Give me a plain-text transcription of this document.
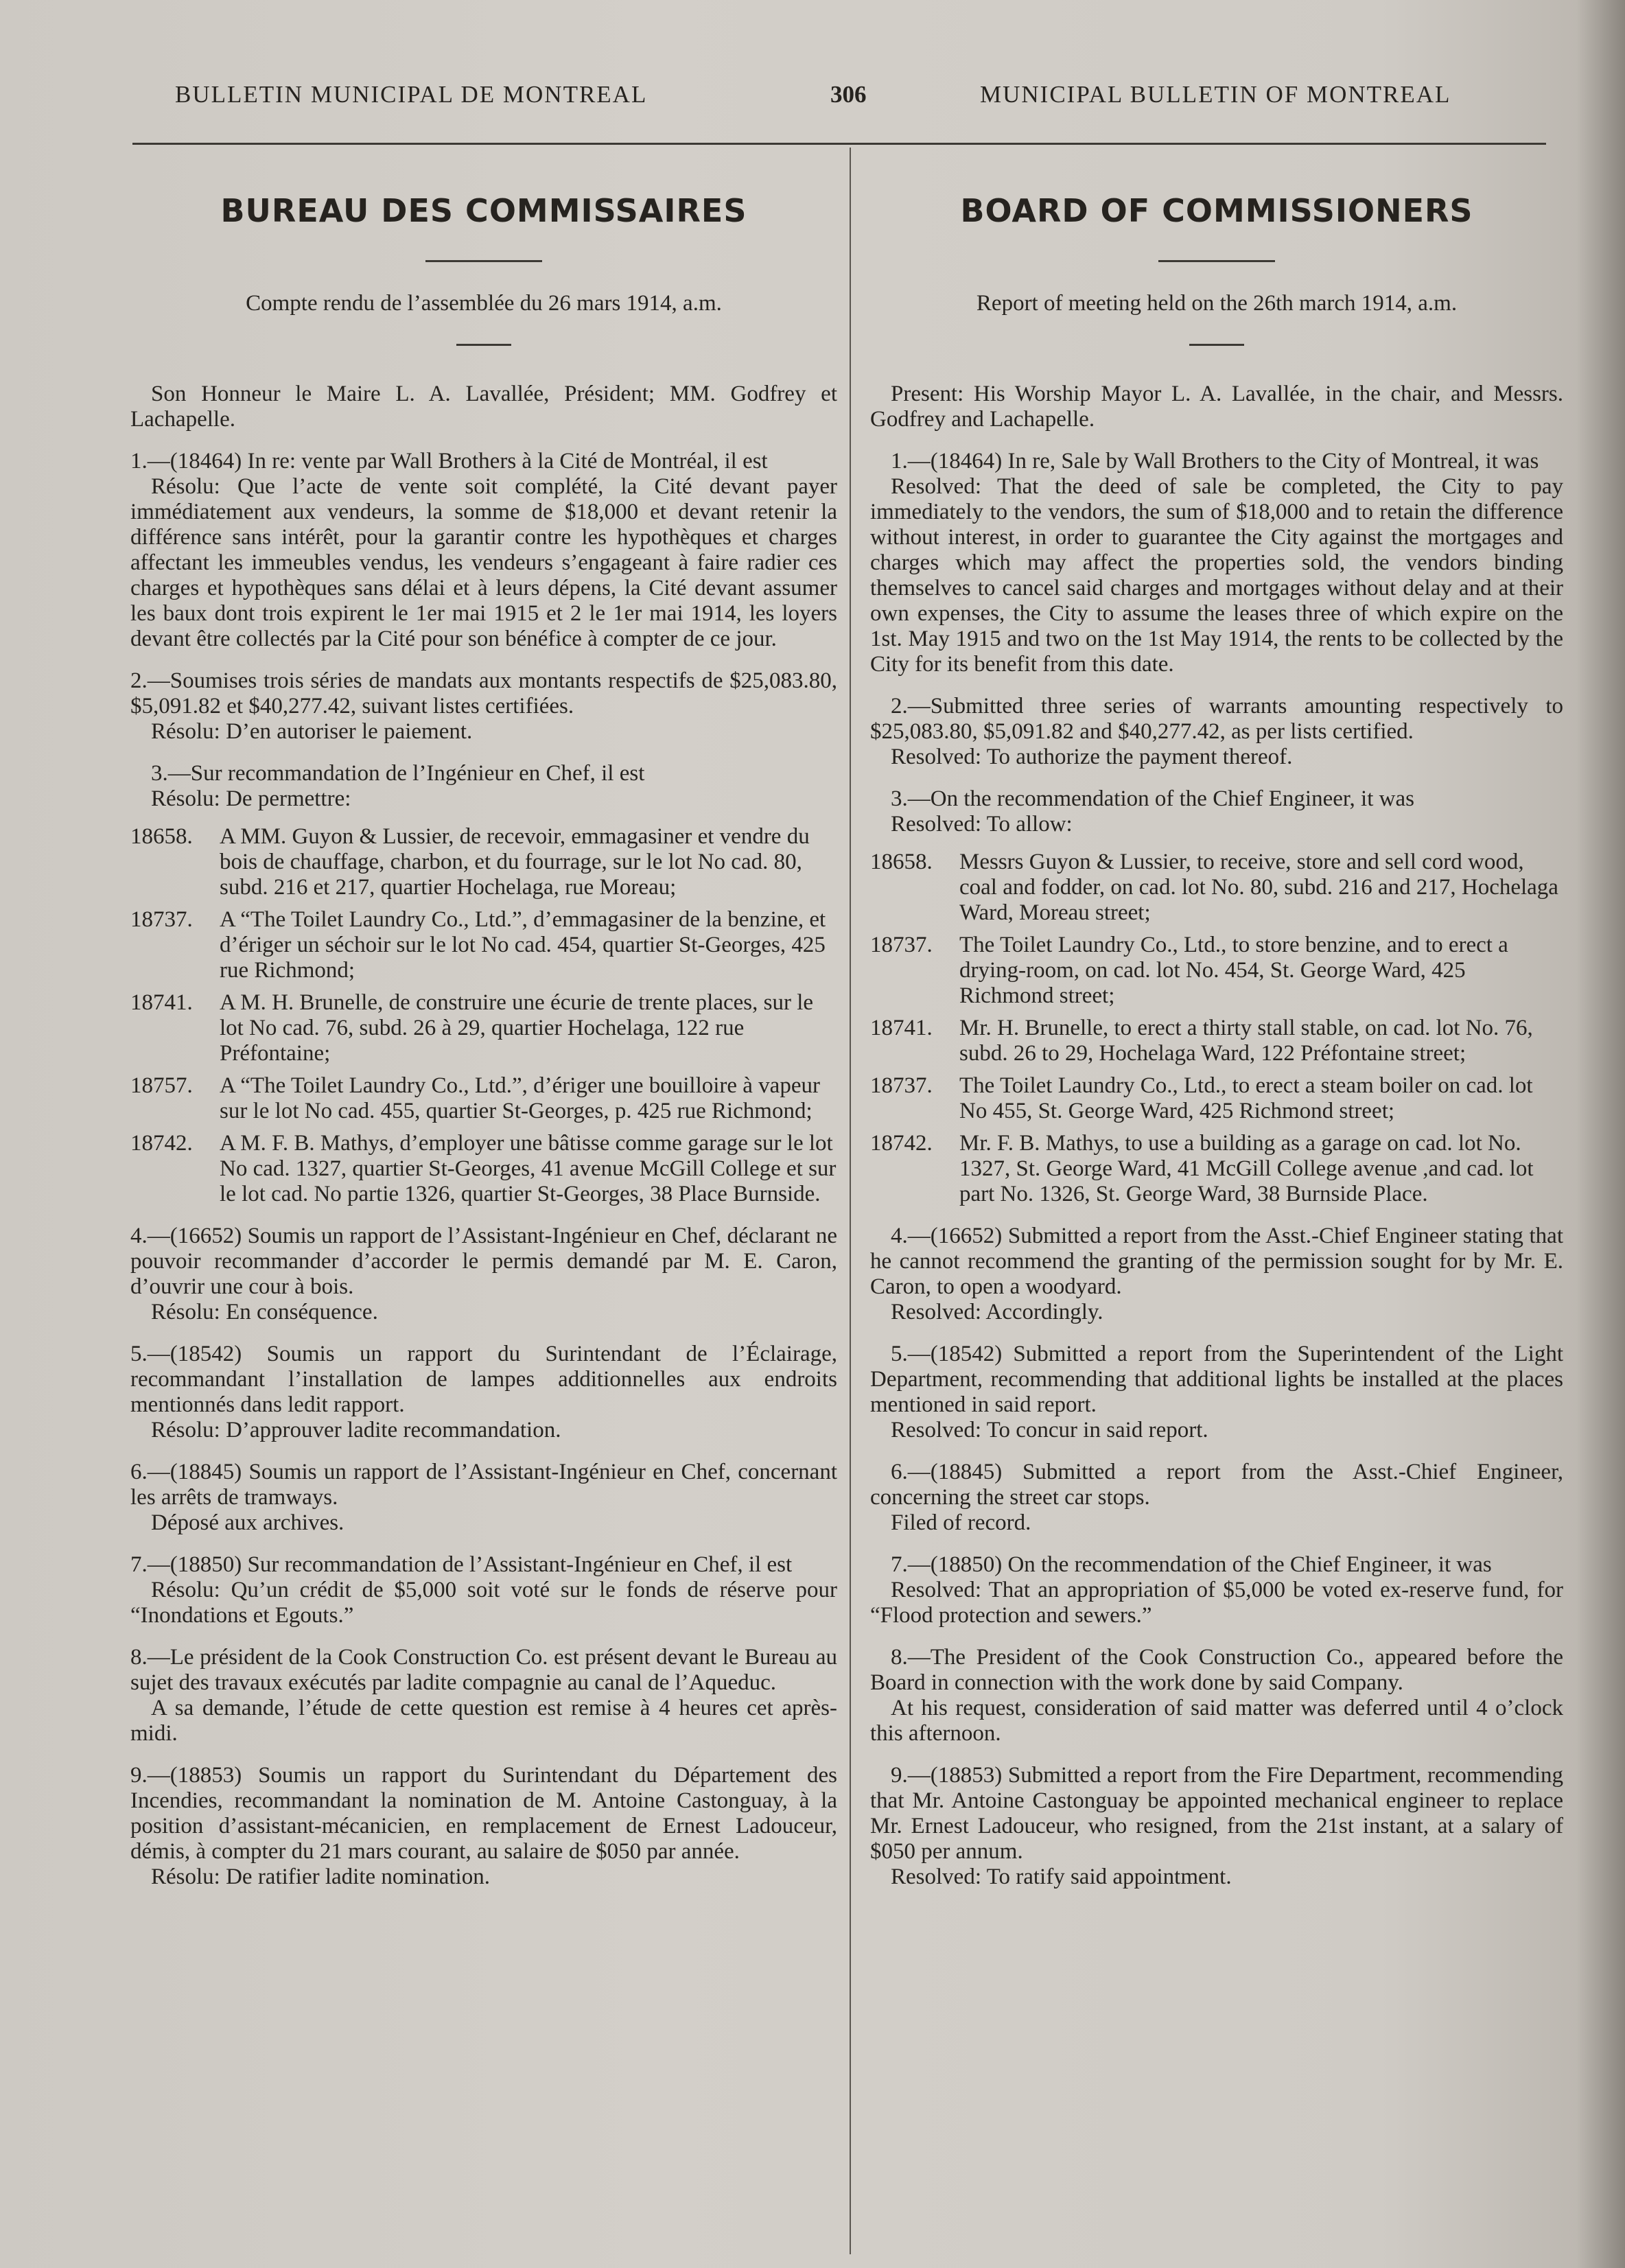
BULLETIN MUNICIPAL DE MONTREAL	306	MUNICIPAL BULLETIN OF MONTREAL
BUREAU DES COMMISSAIRES
Compte rendu de l’assemblée du 26 mars 1914, a.m.

Son Honneur le Maire L. A. Lavallée, Président; MM. Godfrey et Lachapelle.

1.—(18464) In re: vente par Wall Brothers à la Cité de Montréal, il est

Résolu: Que l’acte de vente soit complété, la Cité devant payer immédiatement aux vendeurs, la somme de $18,000 et devant retenir la différence sans intérêt, pour la garantir contre les hypothèques et charges affectant les immeubles vendus, les vendeurs s’engageant à faire radier ces charges et hypothèques sans délai et à leurs dépens, la Cité devant assumer les baux dont trois expirent le 1er mai 1915 et 2 le 1er mai 1914, les loyers devant être collectés par la Cité pour son bénéfice à compter de ce jour.

2.—Soumises trois séries de mandats aux montants respectifs de $25,083.80, $5,091.82 et $40,277.42, suivant listes certifiées.

Résolu: D’en autoriser le paiement.

3.—Sur recommandation de l’Ingénieur en Chef, il est

Résolu: De permettre:

18658.	A MM. Guyon & Lussier, de recevoir, emmagasiner et vendre du bois de chauffage, charbon, et du fourrage, sur le lot No cad. 80, subd. 216 et 217, quartier Hochelaga, rue Moreau;
18737.	A “The Toilet Laundry Co., Ltd.”, d’emmagasiner de la benzine, et d’ériger un séchoir sur le lot No cad. 454, quartier St-Georges, 425 rue Richmond;
18741.	A M. H. Brunelle, de construire une écurie de trente places, sur le lot No cad. 76, subd. 26 à 29, quartier Hochelaga, 122 rue Préfontaine;
18757.	A “The Toilet Laundry Co., Ltd.”, d’ériger une bouilloire à vapeur sur le lot No cad. 455, quartier St-Georges, p. 425 rue Richmond;
18742.	A M. F. B. Mathys, d’employer une bâtisse comme garage sur le lot No cad. 1327, quartier St-Georges, 41 avenue McGill College et sur le lot cad. No partie 1326, quartier St-Georges, 38 Place Burnside.

4.—(16652) Soumis un rapport de l’Assistant-Ingénieur en Chef, déclarant ne pouvoir recommander d’accorder le permis demandé par M. E. Caron, d’ouvrir une cour à bois.

Résolu: En conséquence.

5.—(18542) Soumis un rapport du Surintendant de l’Éclairage, recommandant l’installation de lampes additionnelles aux endroits mentionnés dans ledit rapport.

Résolu: D’approuver ladite recommandation.

6.—(18845) Soumis un rapport de l’Assistant-Ingénieur en Chef, concernant les arrêts de tramways.

Déposé aux archives.

7.—(18850) Sur recommandation de l’Assistant-Ingénieur en Chef, il est

Résolu: Qu’un crédit de $5,000 soit voté sur le fonds de réserve pour “Inondations et Egouts.”

8.—Le président de la Cook Construction Co. est présent devant le Bureau au sujet des travaux exécutés par ladite compagnie au canal de l’Aqueduc.

A sa demande, l’étude de cette question est remise à 4 heures cet après-midi.

9.—(18853) Soumis un rapport du Surintendant du Département des Incendies, recommandant la nomination de M. Antoine Castonguay, à la position d’assistant-mécanicien, en remplacement de Ernest Ladouceur, démis, à compter du 21 mars courant, au salaire de $050 par année.

Résolu: De ratifier ladite nomination.

BOARD OF COMMISSIONERS
Report of meeting held on the 26th march 1914, a.m.

Present: His Worship Mayor L. A. Lavallée, in the chair, and Messrs. Godfrey and Lachapelle.

1.—(18464) In re, Sale by Wall Brothers to the City of Montreal, it was

Resolved: That the deed of sale be completed, the City to pay immediately to the vendors, the sum of $18,000 and to retain the difference without interest, in order to guarantee the City against the mortgages and charges which may affect the properties sold, the vendors binding themselves to cancel said charges and mortgages without delay and at their own expenses, the City to assume the leases three of which expire on the 1st. May 1915 and two on the 1st May 1914, the rents to be collected by the City for its benefit from this date.

2.—Submitted three series of warrants amounting respectively to $25,083.80, $5,091.82 and $40,277.42, as per lists certified.

Resolved: To authorize the payment thereof.

3.—On the recommendation of the Chief Engineer, it was

Resolved: To allow:

18658.	Messrs Guyon & Lussier, to receive, store and sell cord wood, coal and fodder, on cad. lot No. 80, subd. 216 and 217, Hochelaga Ward, Moreau street;
18737.	The Toilet Laundry Co., Ltd., to store benzine, and to erect a drying-room, on cad. lot No. 454, St. George Ward, 425 Richmond street;
18741.	Mr. H. Brunelle, to erect a thirty stall stable, on cad. lot No. 76, subd. 26 to 29, Hochelaga Ward, 122 Préfontaine street;
18737.	The Toilet Laundry Co., Ltd., to erect a steam boiler on cad. lot No 455, St. George Ward, 425 Richmond street;
18742.	Mr. F. B. Mathys, to use a building as a garage on cad. lot No. 1327, St. George Ward, 41 McGill College avenue ,and cad. lot part No. 1326, St. George Ward, 38 Burnside Place.

4.—(16652) Submitted a report from the Asst.-Chief Engineer stating that he cannot recommend the granting of the permission sought for by Mr. E. Caron, to open a woodyard.

Resolved: Accordingly.

5.—(18542) Submitted a report from the Superintendent of the Light Department, recommending that additional lights be installed at the places mentioned in said report.

Resolved: To concur in said report.

6.—(18845) Submitted a report from the Asst.-Chief Engineer, concerning the street car stops.

Filed of record.

7.—(18850) On the recommendation of the Chief Engineer, it was

Resolved: That an appropriation of $5,000 be voted ex-reserve fund, for “Flood protection and sewers.”

8.—The President of the Cook Construction Co., appeared before the Board in connection with the work done by said Company.

At his request, consideration of said matter was deferred until 4 o’clock this afternoon.

9.—(18853) Submitted a report from the Fire Department, recommending that Mr. Antoine Castonguay be appointed mechanical engineer to replace Mr. Ernest Ladouceur, who resigned, from the 21st instant, at a salary of $050 per annum.

Resolved: To ratify said appointment.
